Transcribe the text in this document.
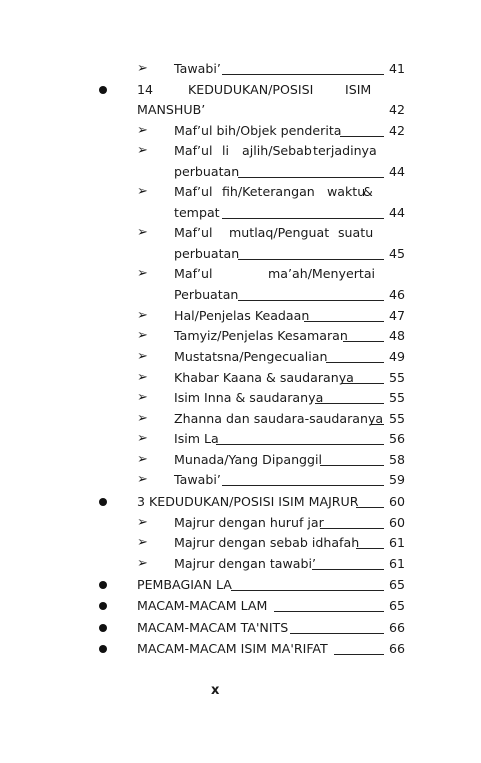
➢ Tawabi’	41
14	KEDUDUKAN/POSISI	ISIM
MANSHUB’	42
➢ Maf’ul bih/Objek penderita	42
➢ Maf’ul li ajlih/Sebab terjadinya
perbuatan	44
➢ Maf’ul fih/Keterangan waktu
&
tempat	44
➢ Maf’ul mutlaq/Penguat suatu
perbuatan	45
➢ Maf’ul	ma’ah/Menyertai
Perbuatan	46
➢ Hal/Penjelas Keadaan	47
➢ Tamyiz/Penjelas Kesamaran	48
➢ Mustatsna/Pengecualian	49
➢ Khabar Kaana & saudaranya	55
➢ Isim Inna & saudaranya	55
➢ Zhanna dan saudara-saudaranya 55
➢ Isim La	56
➢ Munada/Yang Dipanggil	58
➢ Tawabi’	59
3 KEDUDUKAN/POSISI ISIM MAJRUR 60
➢ Majrur dengan huruf jar	60
➢ Majrur dengan sebab idhafah 61
➢ Majrur dengan tawabi’	61
PEMBAGIAN LA	65
MACAM-MACAM LAM	65
MACAM-MACAM TA'NITS	66
MACAM-MACAM ISIM MA'RIFAT	66
x
